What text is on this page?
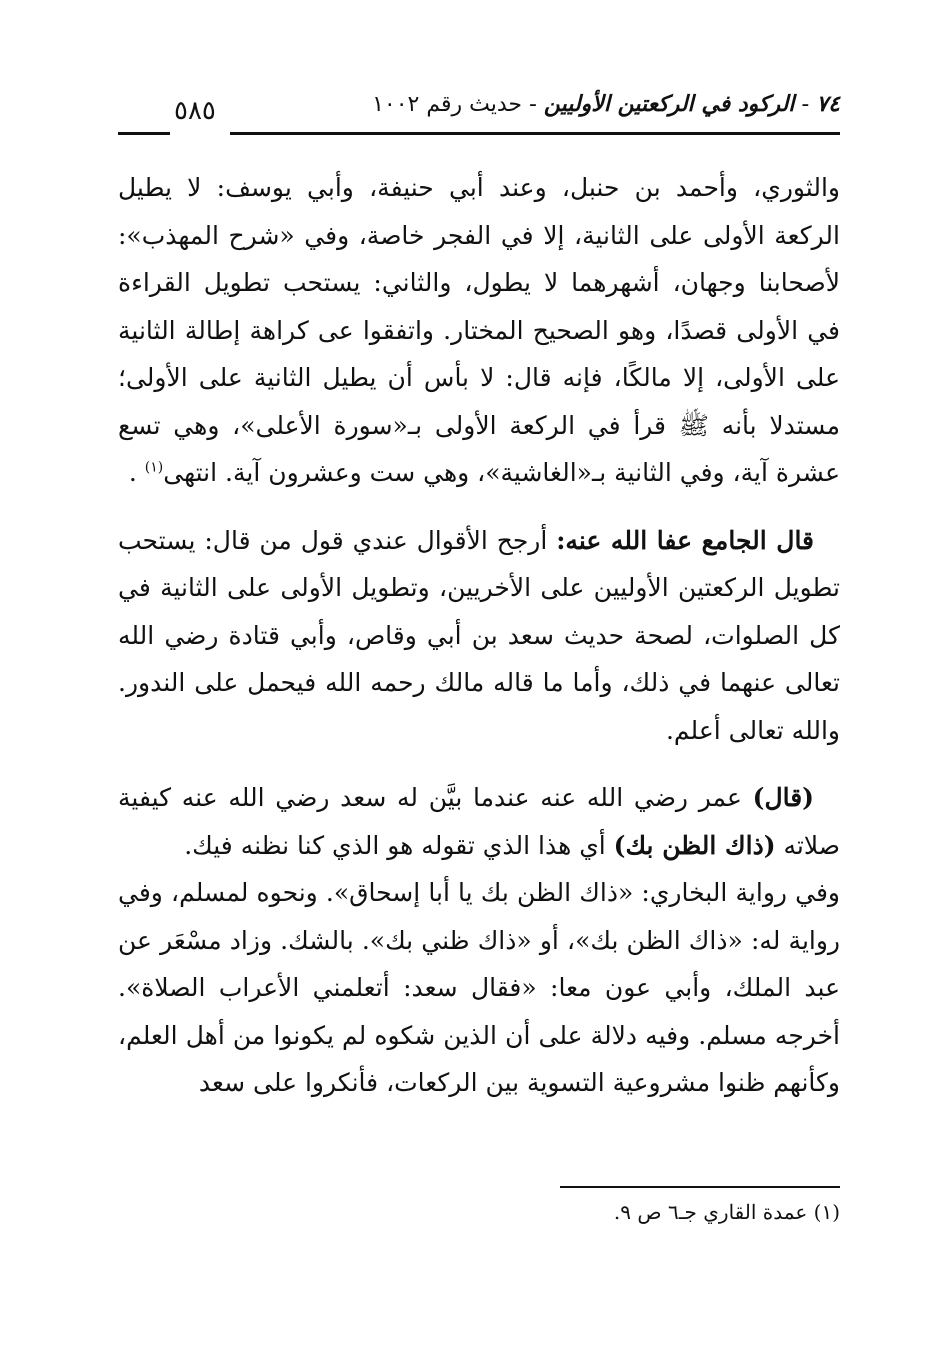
٥٨٥	٧٤ - الركود في الركعتين الأوليين - حديث رقم ١٠٠٢

والثوري، وأحمد بن حنبل، وعند أبي حنيفة، وأبي يوسف: لا يطيل الركعة الأولى على الثانية، إلا في الفجر خاصة، وفي «شرح المهذب»: لأصحابنا وجهان، أشهرهما لا يطول، والثاني: يستحب تطويل القراءة في الأولى قصدًا، وهو الصحيح المختار. واتفقوا عى كراهة إطالة الثانية على الأولى، إلا مالكًا، فإنه قال: لا بأس أن يطيل الثانية على الأولى؛ مستدلا بأنه ﷺ قرأ في الركعة الأولى بـ«سورة الأعلى»، وهي تسع عشرة آية، وفي الثانية بـ«الغاشية»، وهي ست وعشرون آية. انتهى$^{(١)}$ .

قال الجامع عفا الله عنه: أرجح الأقوال عندي قول من قال: يستحب تطويل الركعتين الأوليين على الأخريين، وتطويل الأولى على الثانية في كل الصلوات، لصحة حديث سعد بن أبي وقاص، وأبي قتادة رضي الله تعالى عنهما في ذلك، وأما ما قاله مالك رحمه الله فيحمل على الندور. والله تعالى أعلم.

(قال) عمر رضي الله عنه عندما بيَّن له سعد رضي الله عنه كيفية صلاته (ذاك الظن بك) أي هذا الذي تقوله هو الذي كنا نظنه فيك.

وفي رواية البخاري: «ذاك الظن بك يا أبا إسحاق». ونحوه لمسلم، وفي رواية له: «ذاك الظن بك»، أو «ذاك ظني بك». بالشك. وزاد مسْعَر عن عبد الملك، وأبي عون معا: «فقال سعد: أتعلمني الأعراب الصلاة». أخرجه مسلم. وفيه دلالة على أن الذين شكوه لم يكونوا من أهل العلم، وكأنهم ظنوا مشروعية التسوية بين الركعات، فأنكروا على سعد

(١) عمدة القاري جـ٦ ص ٩.
